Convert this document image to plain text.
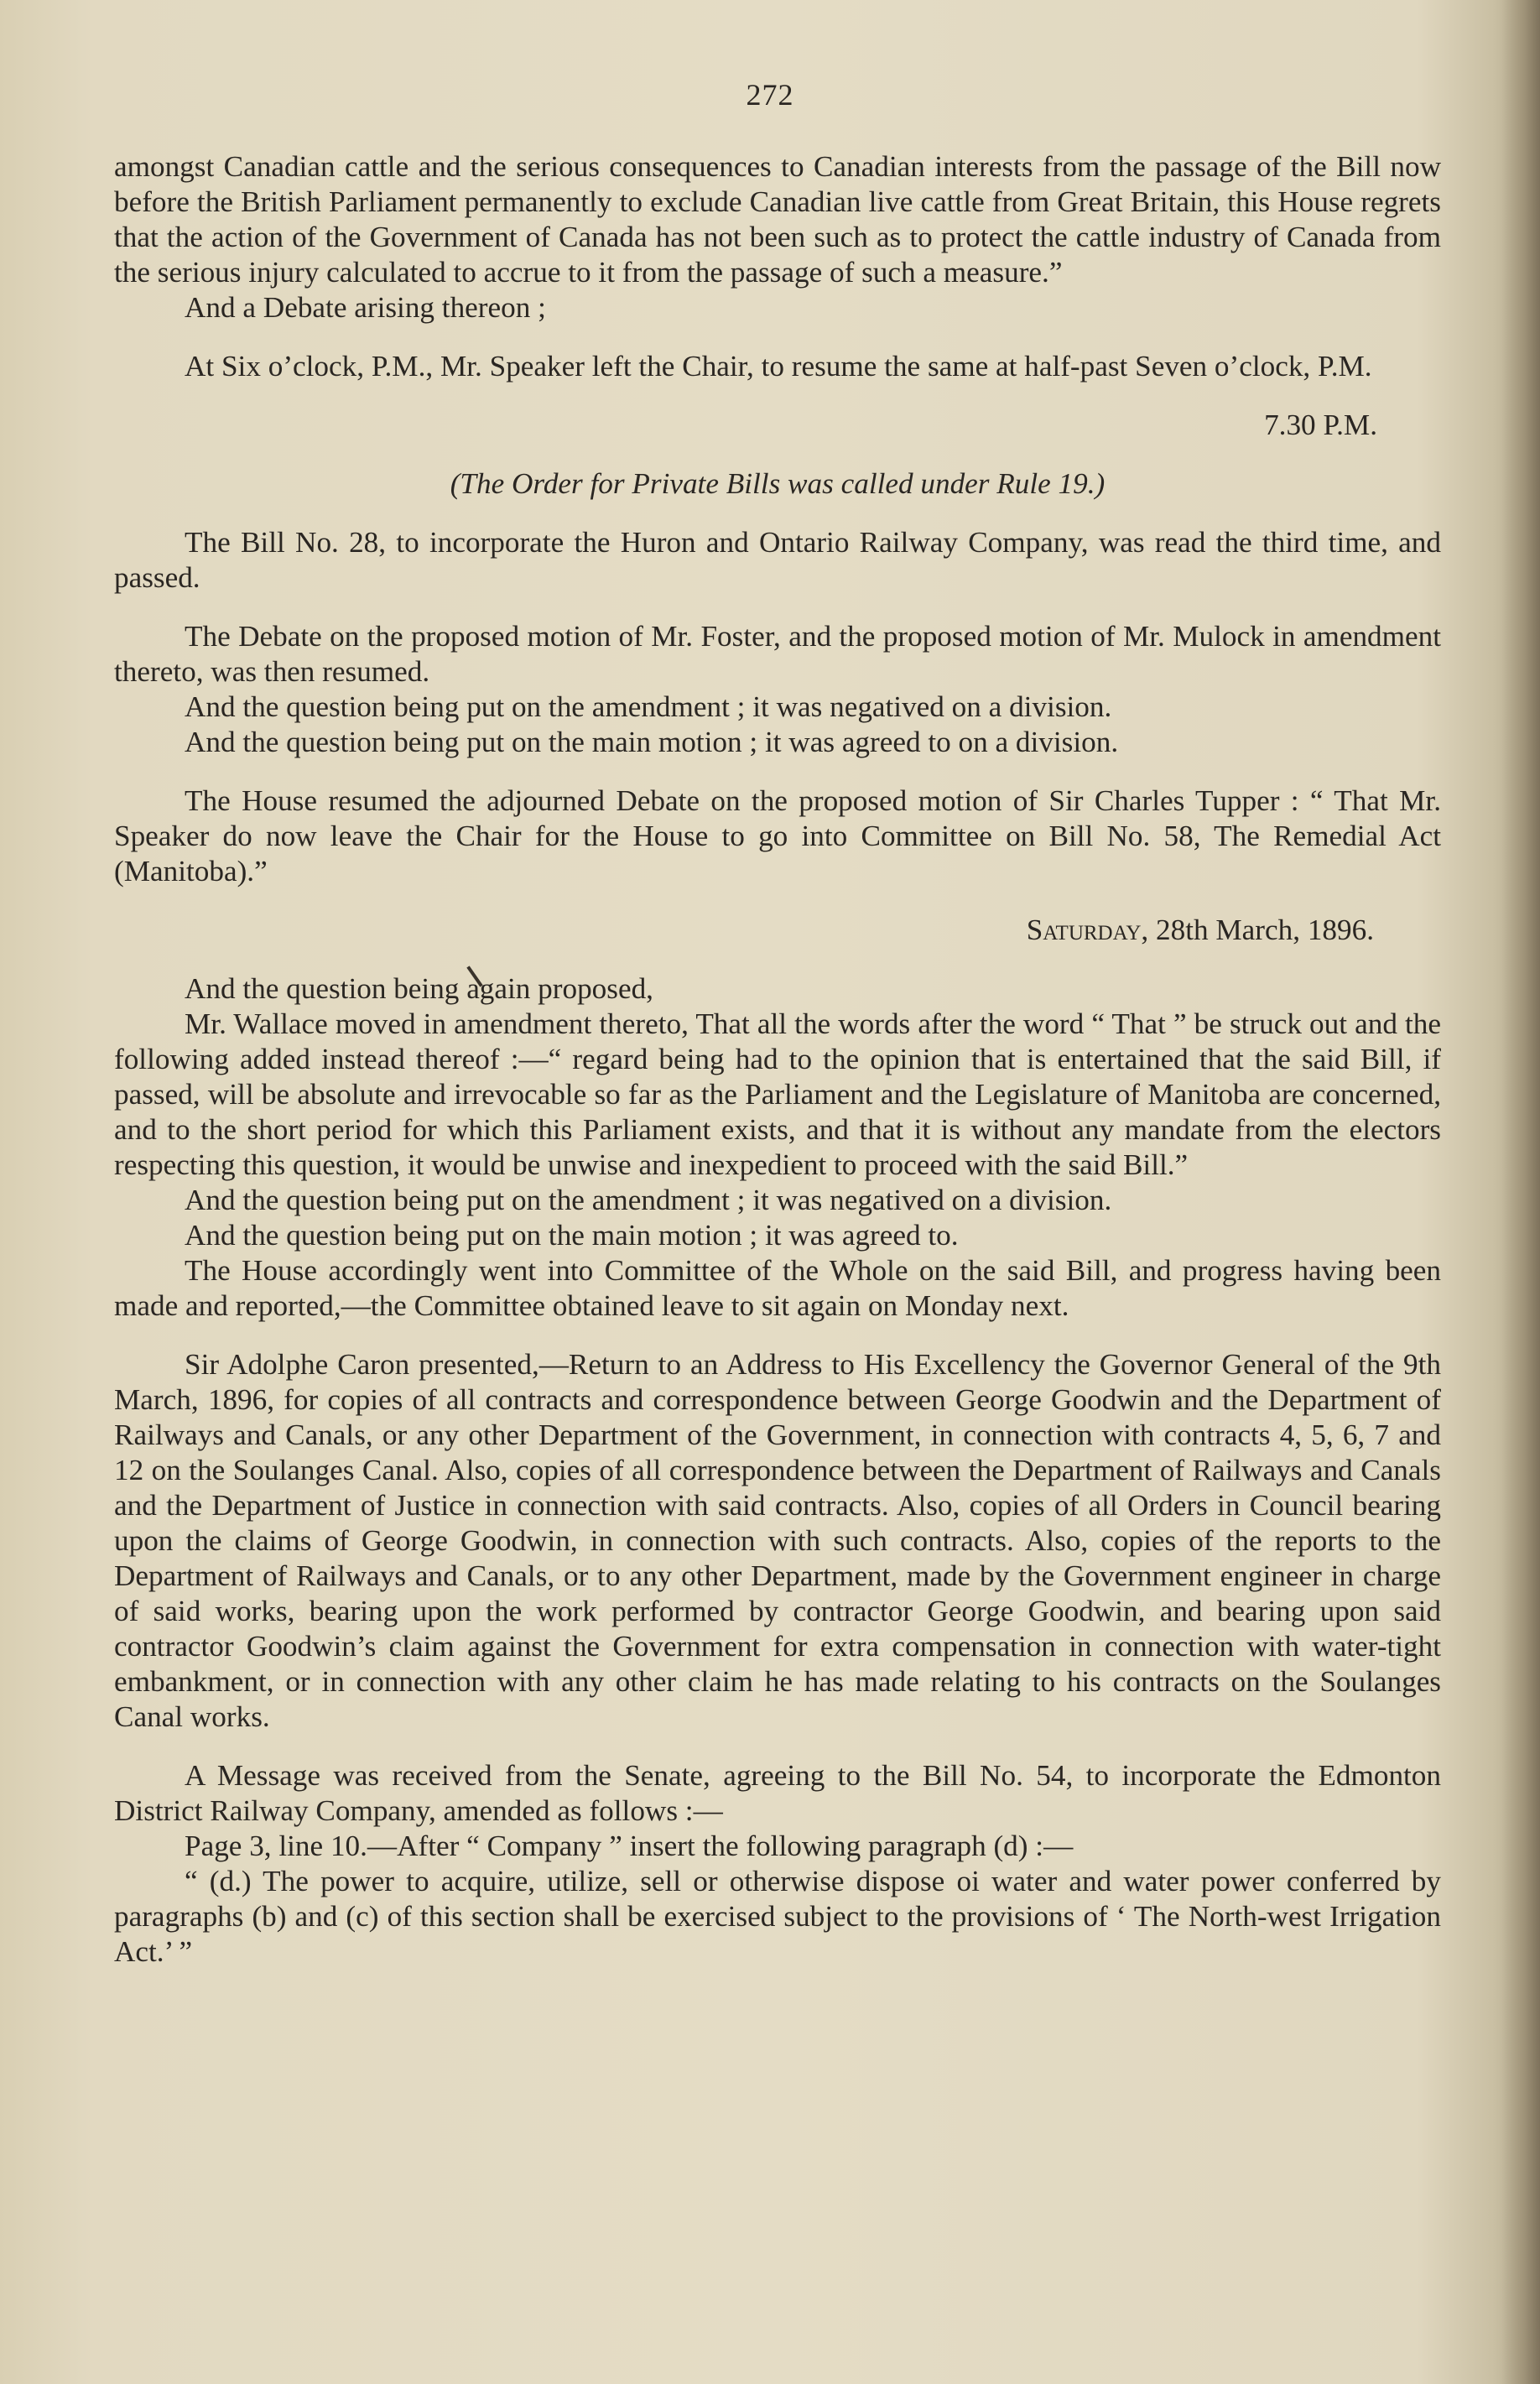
272

amongst Canadian cattle and the serious consequences to Canadian interests from the passage of the Bill now before the British Parliament permanently to exclude Canadian live cattle from Great Britain, this House regrets that the action of the Government of Canada has not been such as to protect the cattle industry of Canada from the serious injury calculated to accrue to it from the passage of such a measure.”

And a Debate arising thereon ;

At Six o’clock, P.M., Mr. Speaker left the Chair, to resume the same at half-past Seven o’clock, P.M.

7.30 P.M.

(The Order for Private Bills was called under Rule 19.)

The Bill No. 28, to incorporate the Huron and Ontario Railway Company, was read the third time, and passed.

The Debate on the proposed motion of Mr. Foster, and the proposed motion of Mr. Mulock in amendment thereto, was then resumed.

And the question being put on the amendment ; it was negatived on a division.

And the question being put on the main motion ; it was agreed to on a division.

The House resumed the adjourned Debate on the proposed motion of Sir Charles Tupper : “ That Mr. Speaker do now leave the Chair for the House to go into Committee on Bill No. 58, The Remedial Act (Manitoba).”

Saturday, 28th March, 1896.

And the question being again proposed,

Mr. Wallace moved in amendment thereto, That all the words after the word “ That ” be struck out and the following added instead thereof :—“ regard being had to the opinion that is entertained that the said Bill, if passed, will be absolute and irrevocable so far as the Parliament and the Legislature of Manitoba are concerned, and to the short period for which this Parliament exists, and that it is without any mandate from the electors respecting this question, it would be unwise and inexpedient to proceed with the said Bill.”

And the question being put on the amendment ; it was negatived on a division.

And the question being put on the main motion ; it was agreed to.

The House accordingly went into Committee of the Whole on the said Bill, and progress having been made and reported,—the Committee obtained leave to sit again on Monday next.

Sir Adolphe Caron presented,—Return to an Address to His Excellency the Governor General of the 9th March, 1896, for copies of all contracts and correspondence between George Goodwin and the Department of Railways and Canals, or any other Department of the Government, in connection with contracts 4, 5, 6, 7 and 12 on the Soulanges Canal. Also, copies of all correspondence between the Department of Railways and Canals and the Department of Justice in connection with said contracts. Also, copies of all Orders in Council bearing upon the claims of George Goodwin, in connection with such contracts. Also, copies of the reports to the Department of Railways and Canals, or to any other Department, made by the Government engineer in charge of said works, bearing upon the work performed by contractor George Goodwin, and bearing upon said contractor Goodwin’s claim against the Government for extra compensation in connection with water-tight embankment, or in connection with any other claim he has made relating to his contracts on the Soulanges Canal works.

A Message was received from the Senate, agreeing to the Bill No. 54, to incorporate the Edmonton District Railway Company, amended as follows :—

Page 3, line 10.—After “ Company ” insert the following paragraph (d) :—

“ (d.) The power to acquire, utilize, sell or otherwise dispose oi water and water power conferred by paragraphs (b) and (c) of this section shall be exercised subject to the provisions of ‘ The North-west Irrigation Act.’ ”
